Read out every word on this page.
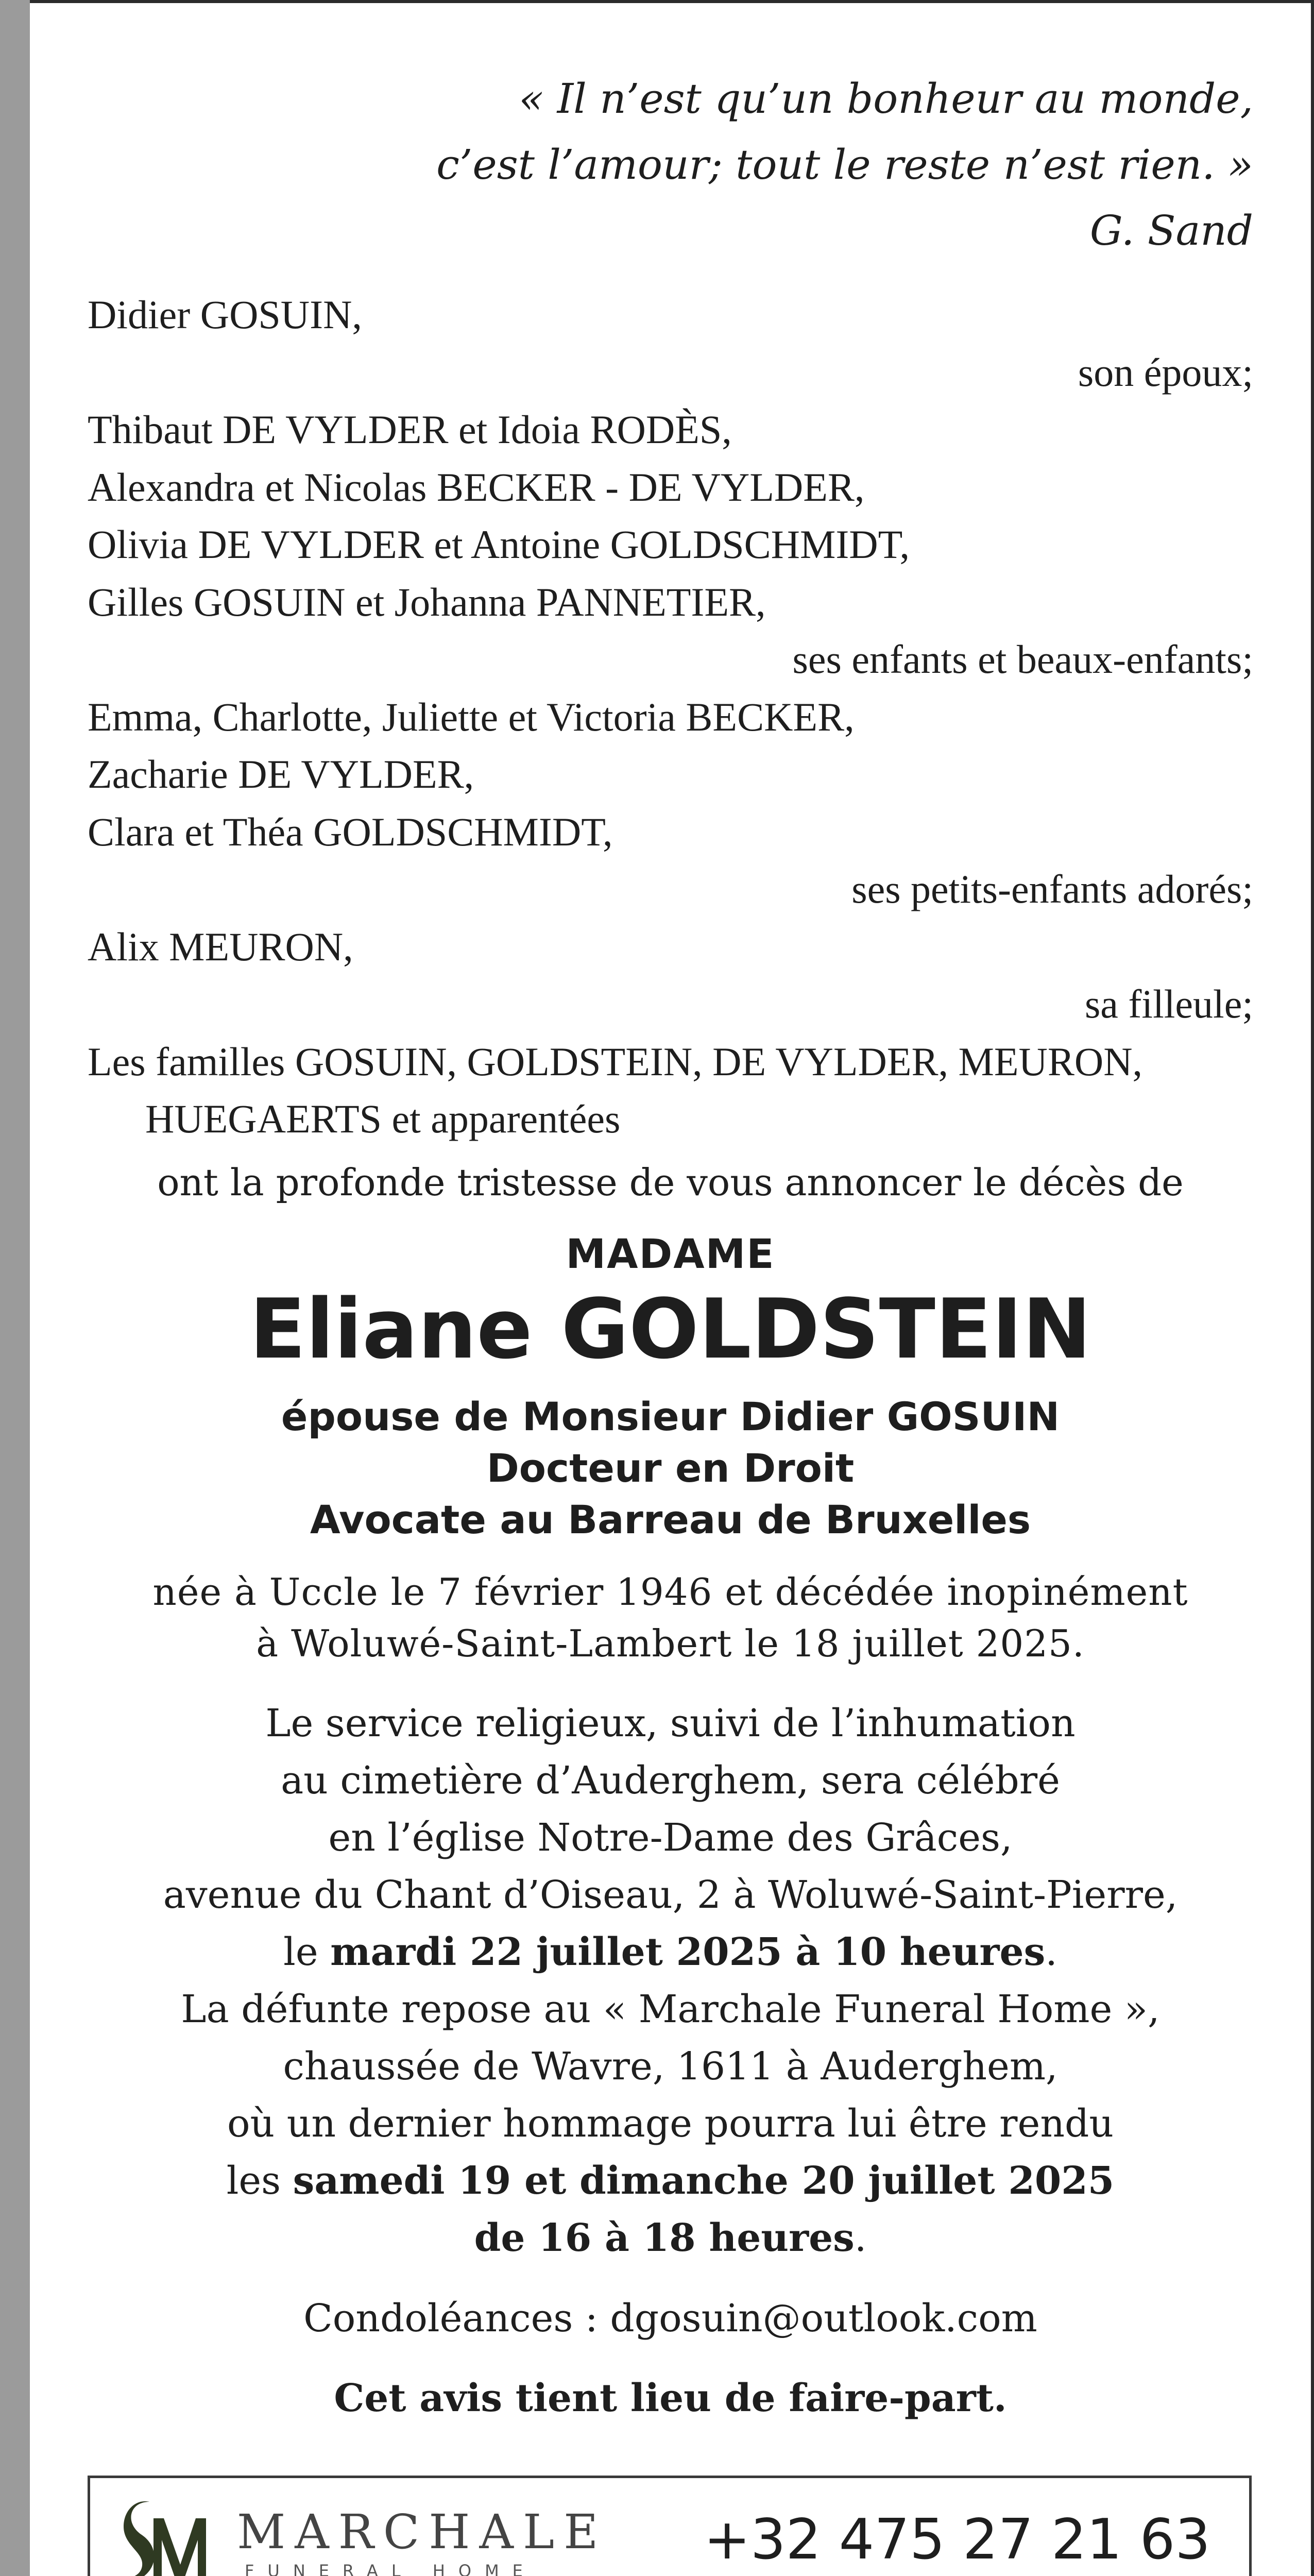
« Il n’est qu’un bonheur au monde,
c’est l’amour; tout le reste n’est rien. »
G. Sand
Didier GOSUIN,
son époux;
Thibaut DE VYLDER et Idoia RODÈS,
Alexandra et Nicolas BECKER - DE VYLDER,
Olivia DE VYLDER et Antoine GOLDSCHMIDT,
Gilles GOSUIN et Johanna PANNETIER,
ses enfants et beaux-enfants;
Emma, Charlotte, Juliette et Victoria BECKER,
Zacharie DE VYLDER,
Clara et Théa GOLDSCHMIDT,
ses petits-enfants adorés;
Alix MEURON,
sa filleule;
Les familles GOSUIN, GOLDSTEIN, DE VYLDER, MEURON,
HUEGAERTS et apparentées
ont la profonde tristesse de vous annoncer le décès de
MADAME
Eliane GOLDSTEIN
épouse de Monsieur Didier GOSUIN
Docteur en Droit
Avocate au Barreau de Bruxelles
née à Uccle le 7 février 1946 et décédée inopinément
à Woluwé-Saint-Lambert le 18 juillet 2025.
Le service religieux, suivi de l’inhumation
au cimetière d’Auderghem, sera célébré
en l’église Notre-Dame des Grâces,
avenue du Chant d’Oiseau, 2 à Woluwé-Saint-Pierre,
le mardi 22 juillet 2025 à 10 heures.
La défunte repose au « Marchale Funeral Home »,
chaussée de Wavre, 1611 à Auderghem,
où un dernier hommage pourra lui être rendu
les samedi 19 et dimanche 20 juillet 2025
de 16 à 18 heures.
Condoléances : dgosuin@outlook.com
Cet avis tient lieu de faire-part.
MARCHALE
FUNERAL HOME	+32 475 27 21 63
